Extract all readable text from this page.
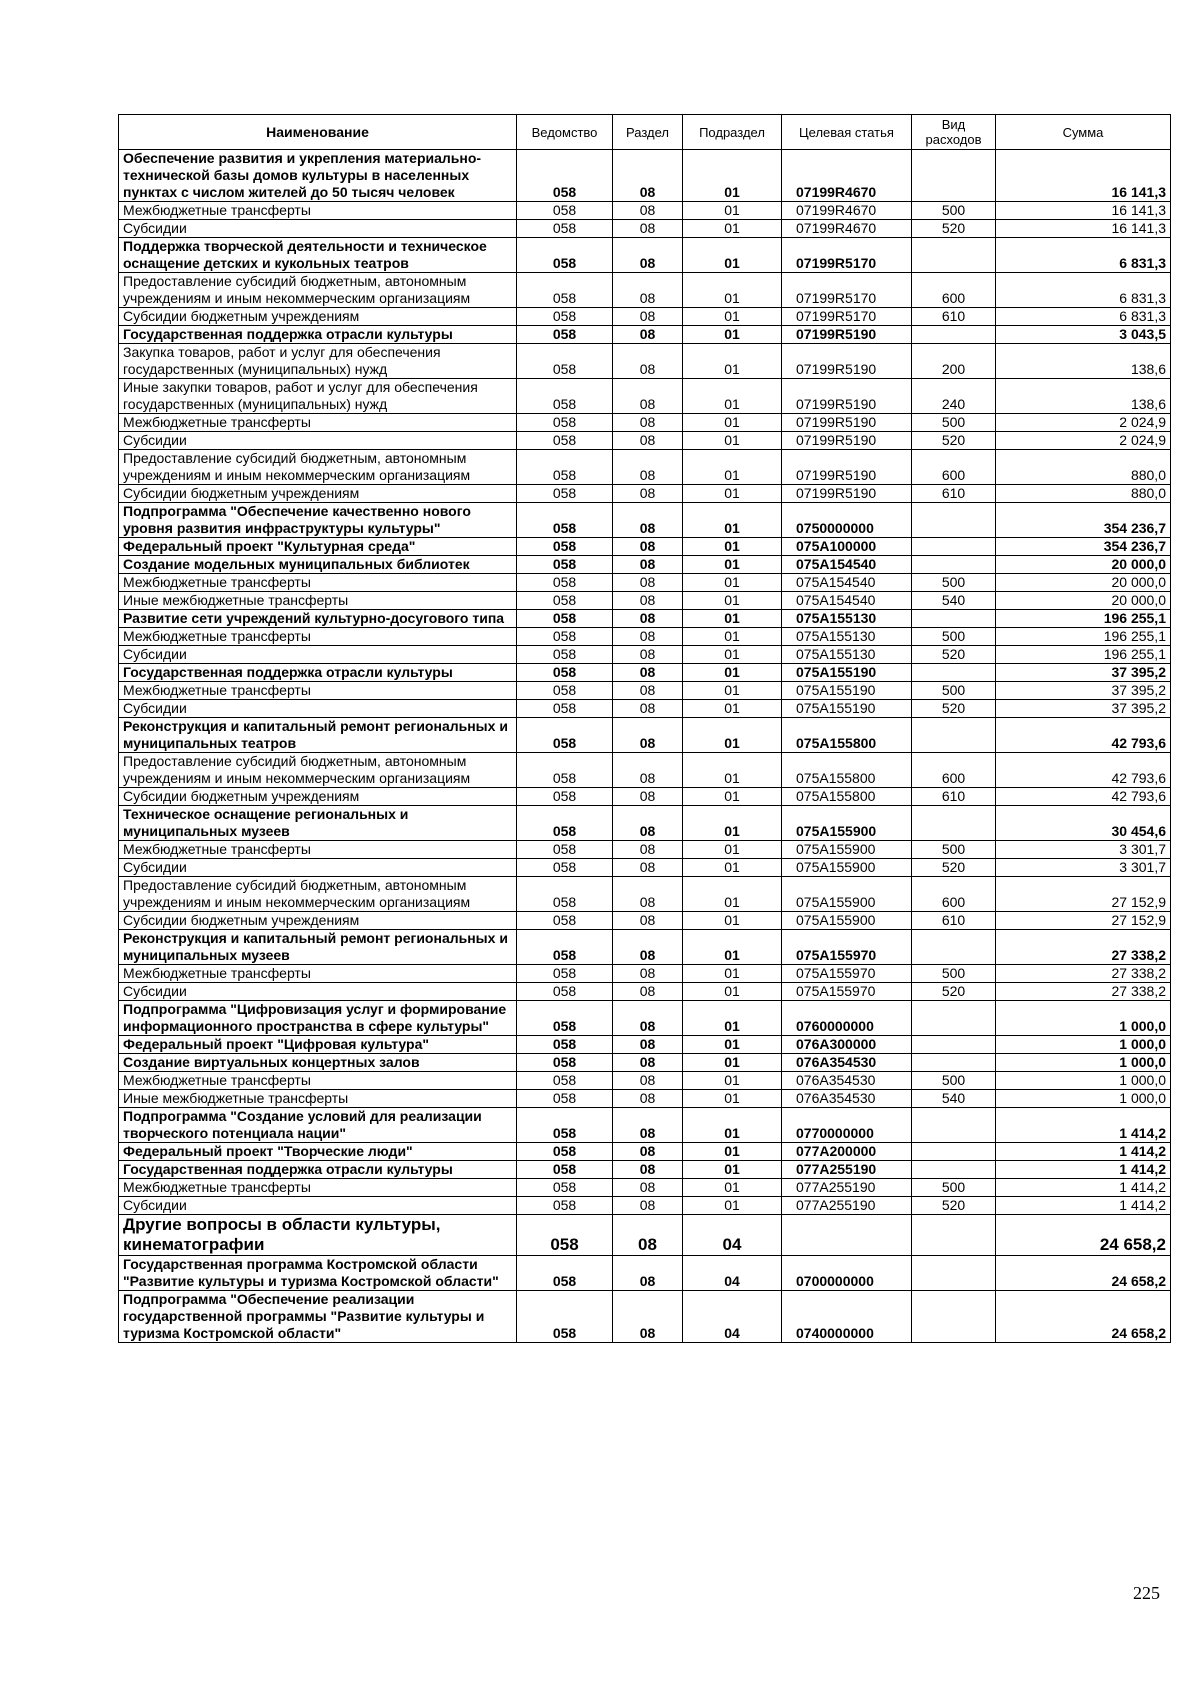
Наименование	Ведомство	Раздел	Подраздел	Целевая статья	Вид расходов	Сумма
Обеспечение развития и укрепления материально-технической базы домов культуры в населенных пунктах с числом жителей до 50 тысяч человек	058	08	01	07199R4670		16 141,3
Межбюджетные трансферты	058	08	01	07199R4670	500	16 141,3
Субсидии	058	08	01	07199R4670	520	16 141,3
Поддержка творческой деятельности и техническое оснащение детских и кукольных театров	058	08	01	07199R5170		6 831,3
Предоставление субсидий бюджетным, автономным учреждениям и иным некоммерческим организациям	058	08	01	07199R5170	600	6 831,3
Субсидии бюджетным учреждениям	058	08	01	07199R5170	610	6 831,3
Государственная поддержка отрасли культуры	058	08	01	07199R5190		3 043,5
Закупка товаров, работ и услуг для обеспечения государственных (муниципальных) нужд	058	08	01	07199R5190	200	138,6
Иные закупки товаров, работ и услуг для обеспечения государственных (муниципальных) нужд	058	08	01	07199R5190	240	138,6
Межбюджетные трансферты	058	08	01	07199R5190	500	2 024,9
Субсидии	058	08	01	07199R5190	520	2 024,9
Предоставление субсидий бюджетным, автономным учреждениям и иным некоммерческим организациям	058	08	01	07199R5190	600	880,0
Субсидии бюджетным учреждениям	058	08	01	07199R5190	610	880,0
Подпрограмма "Обеспечение качественно нового уровня развития инфраструктуры культуры"	058	08	01	0750000000		354 236,7
Федеральный проект "Культурная среда"	058	08	01	075A100000		354 236,7
Создание модельных муниципальных библиотек	058	08	01	075A154540		20 000,0
Межбюджетные трансферты	058	08	01	075A154540	500	20 000,0
Иные межбюджетные трансферты	058	08	01	075A154540	540	20 000,0
Развитие сети учреждений культурно-досугового типа	058	08	01	075A155130		196 255,1
Межбюджетные трансферты	058	08	01	075A155130	500	196 255,1
Субсидии	058	08	01	075A155130	520	196 255,1
Государственная поддержка отрасли культуры	058	08	01	075A155190		37 395,2
Межбюджетные трансферты	058	08	01	075A155190	500	37 395,2
Субсидии	058	08	01	075A155190	520	37 395,2
Реконструкция и капитальный ремонт региональных и муниципальных театров	058	08	01	075A155800		42 793,6
Предоставление субсидий бюджетным, автономным учреждениям и иным некоммерческим организациям	058	08	01	075A155800	600	42 793,6
Субсидии бюджетным учреждениям	058	08	01	075A155800	610	42 793,6
Техническое оснащение региональных и муниципальных музеев	058	08	01	075A155900		30 454,6
Межбюджетные трансферты	058	08	01	075A155900	500	3 301,7
Субсидии	058	08	01	075A155900	520	3 301,7
Предоставление субсидий бюджетным, автономным учреждениям и иным некоммерческим организациям	058	08	01	075A155900	600	27 152,9
Субсидии бюджетным учреждениям	058	08	01	075A155900	610	27 152,9
Реконструкция и капитальный ремонт региональных и муниципальных музеев	058	08	01	075A155970		27 338,2
Межбюджетные трансферты	058	08	01	075A155970	500	27 338,2
Субсидии	058	08	01	075A155970	520	27 338,2
Подпрограмма "Цифровизация услуг и формирование информационного пространства в сфере культуры"	058	08	01	0760000000		1 000,0
Федеральный проект "Цифровая культура"	058	08	01	076A300000		1 000,0
Создание виртуальных концертных залов	058	08	01	076A354530		1 000,0
Межбюджетные трансферты	058	08	01	076A354530	500	1 000,0
Иные межбюджетные трансферты	058	08	01	076A354530	540	1 000,0
Подпрограмма "Создание условий для реализации творческого потенциала нации"	058	08	01	0770000000		1 414,2
Федеральный проект "Творческие люди"	058	08	01	077A200000		1 414,2
Государственная поддержка отрасли культуры	058	08	01	077A255190		1 414,2
Межбюджетные трансферты	058	08	01	077A255190	500	1 414,2
Субсидии	058	08	01	077A255190	520	1 414,2
Другие вопросы в области культуры, кинематографии	058	08	04			24 658,2
Государственная программа Костромской области "Развитие культуры и туризма Костромской области"	058	08	04	0700000000		24 658,2
Подпрограмма "Обеспечение реализации государственной программы "Развитие культуры и туризма Костромской области"	058	08	04	0740000000		24 658,2
225
